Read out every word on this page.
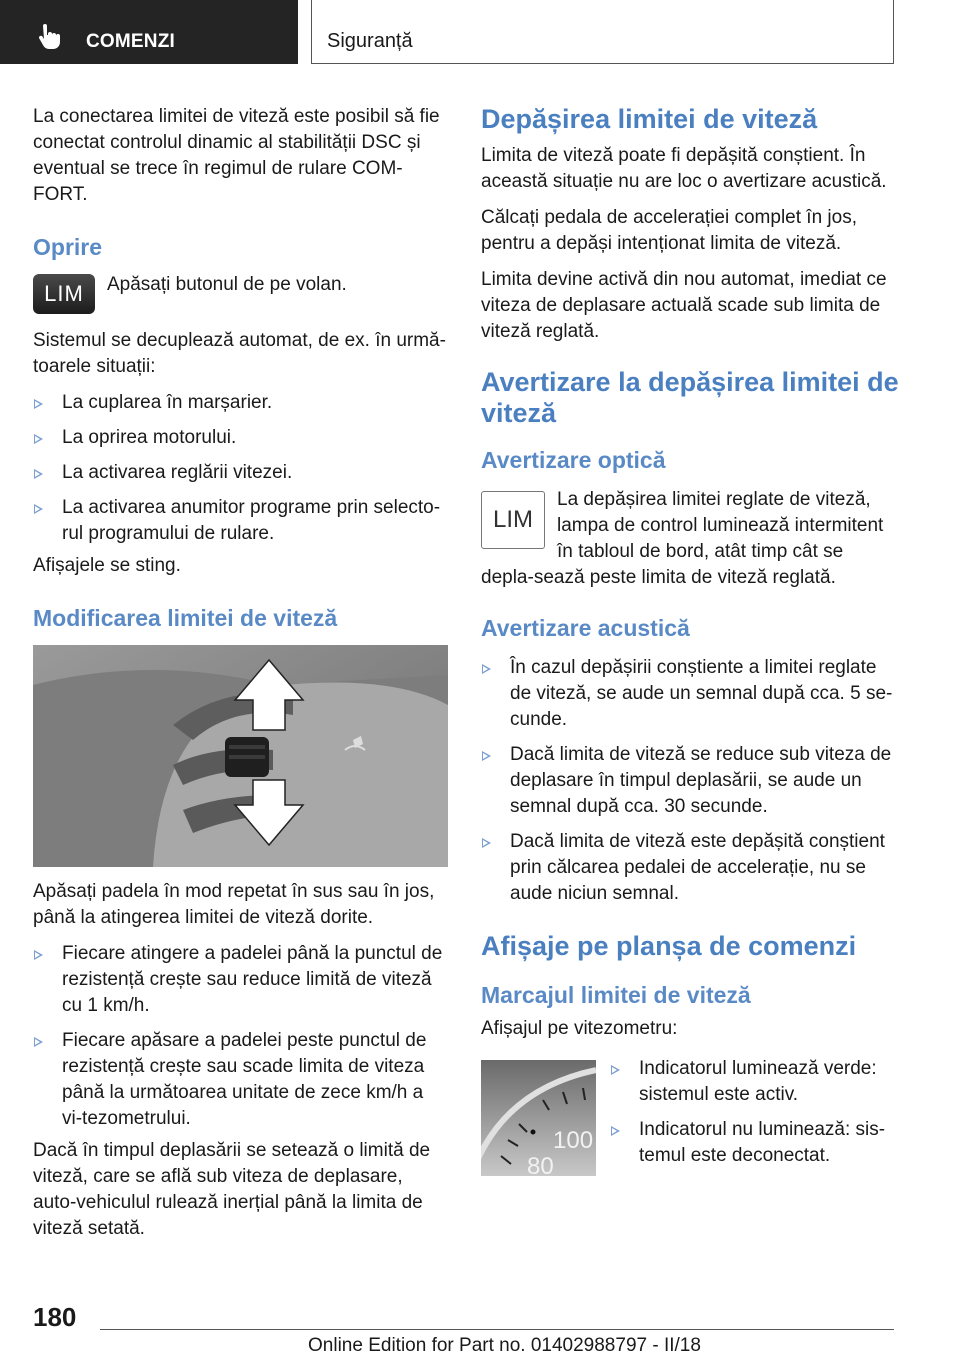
COMENZI	Siguranță

La conectarea limitei de viteză este posibil să fie conectat controlul dinamic al stabilității DSC și eventual se trece în regimul de rulare COM-FORT.

Oprire
LIM	Apăsați butonul de pe volan.

Sistemul se decuplează automat, de ex. în urmă-toarele situații:

La cuplarea în marșarier.
La oprirea motorului.
La activarea reglării vitezei.
La activarea anumitor programe prin selecto-rul programului de rulare.

Afișajele se sting.

Modificarea limitei de viteză

Apăsați padela în mod repetat în sus sau în jos, până la atingerea limitei de viteză dorite.

Fiecare atingere a padelei până la punctul de rezistență crește sau reduce limită de viteză cu 1 km/h.
Fiecare apăsare a padelei peste punctul de rezistență crește sau scade limita de viteza până la următoarea unitate de zece km/h a vi-tezometrului.

Dacă în timpul deplasării se setează o limită de viteză, care se află sub viteza de deplasare, auto-vehiculul rulează inerțial până la limita de viteză setată.

Depășirea limitei de viteză

Limita de viteză poate fi depășită conștient. În această situație nu are loc o avertizare acustică.

Călcați pedala de accelerației complet în jos, pentru a depăși intenționat limita de viteză.

Limita devine activă din nou automat, imediat ce viteza de deplasare actuală scade sub limita de viteză reglată.

Avertizare la depășirea limitei de viteză
Avertizare optică
LIM

La depășirea limitei reglate de viteză, lampa de control luminează intermitent în tabloul de bord, atât timp cât se depla-sează peste limita de viteză reglată.

Avertizare acustică
În cazul depășirii conștiente a limitei reglate de viteză, se aude un semnal după cca. 5 se-cunde.
Dacă limita de viteză se reduce sub viteza de deplasare în timpul deplasării, se aude un semnal după cca. 30 secunde.
Dacă limita de viteză este depășită conștient prin călcarea pedalei de accelerație, nu se aude niciun semnal.
Afișaje pe planșa de comenzi
Marcajul limitei de viteză

Afișajul pe vitezometru:

100
80
Indicatorul luminează verde: sistemul este activ.
Indicatorul nu luminează: sis-temul este deconectat.
180
Online Edition for Part no. 01402988797 - II/18
